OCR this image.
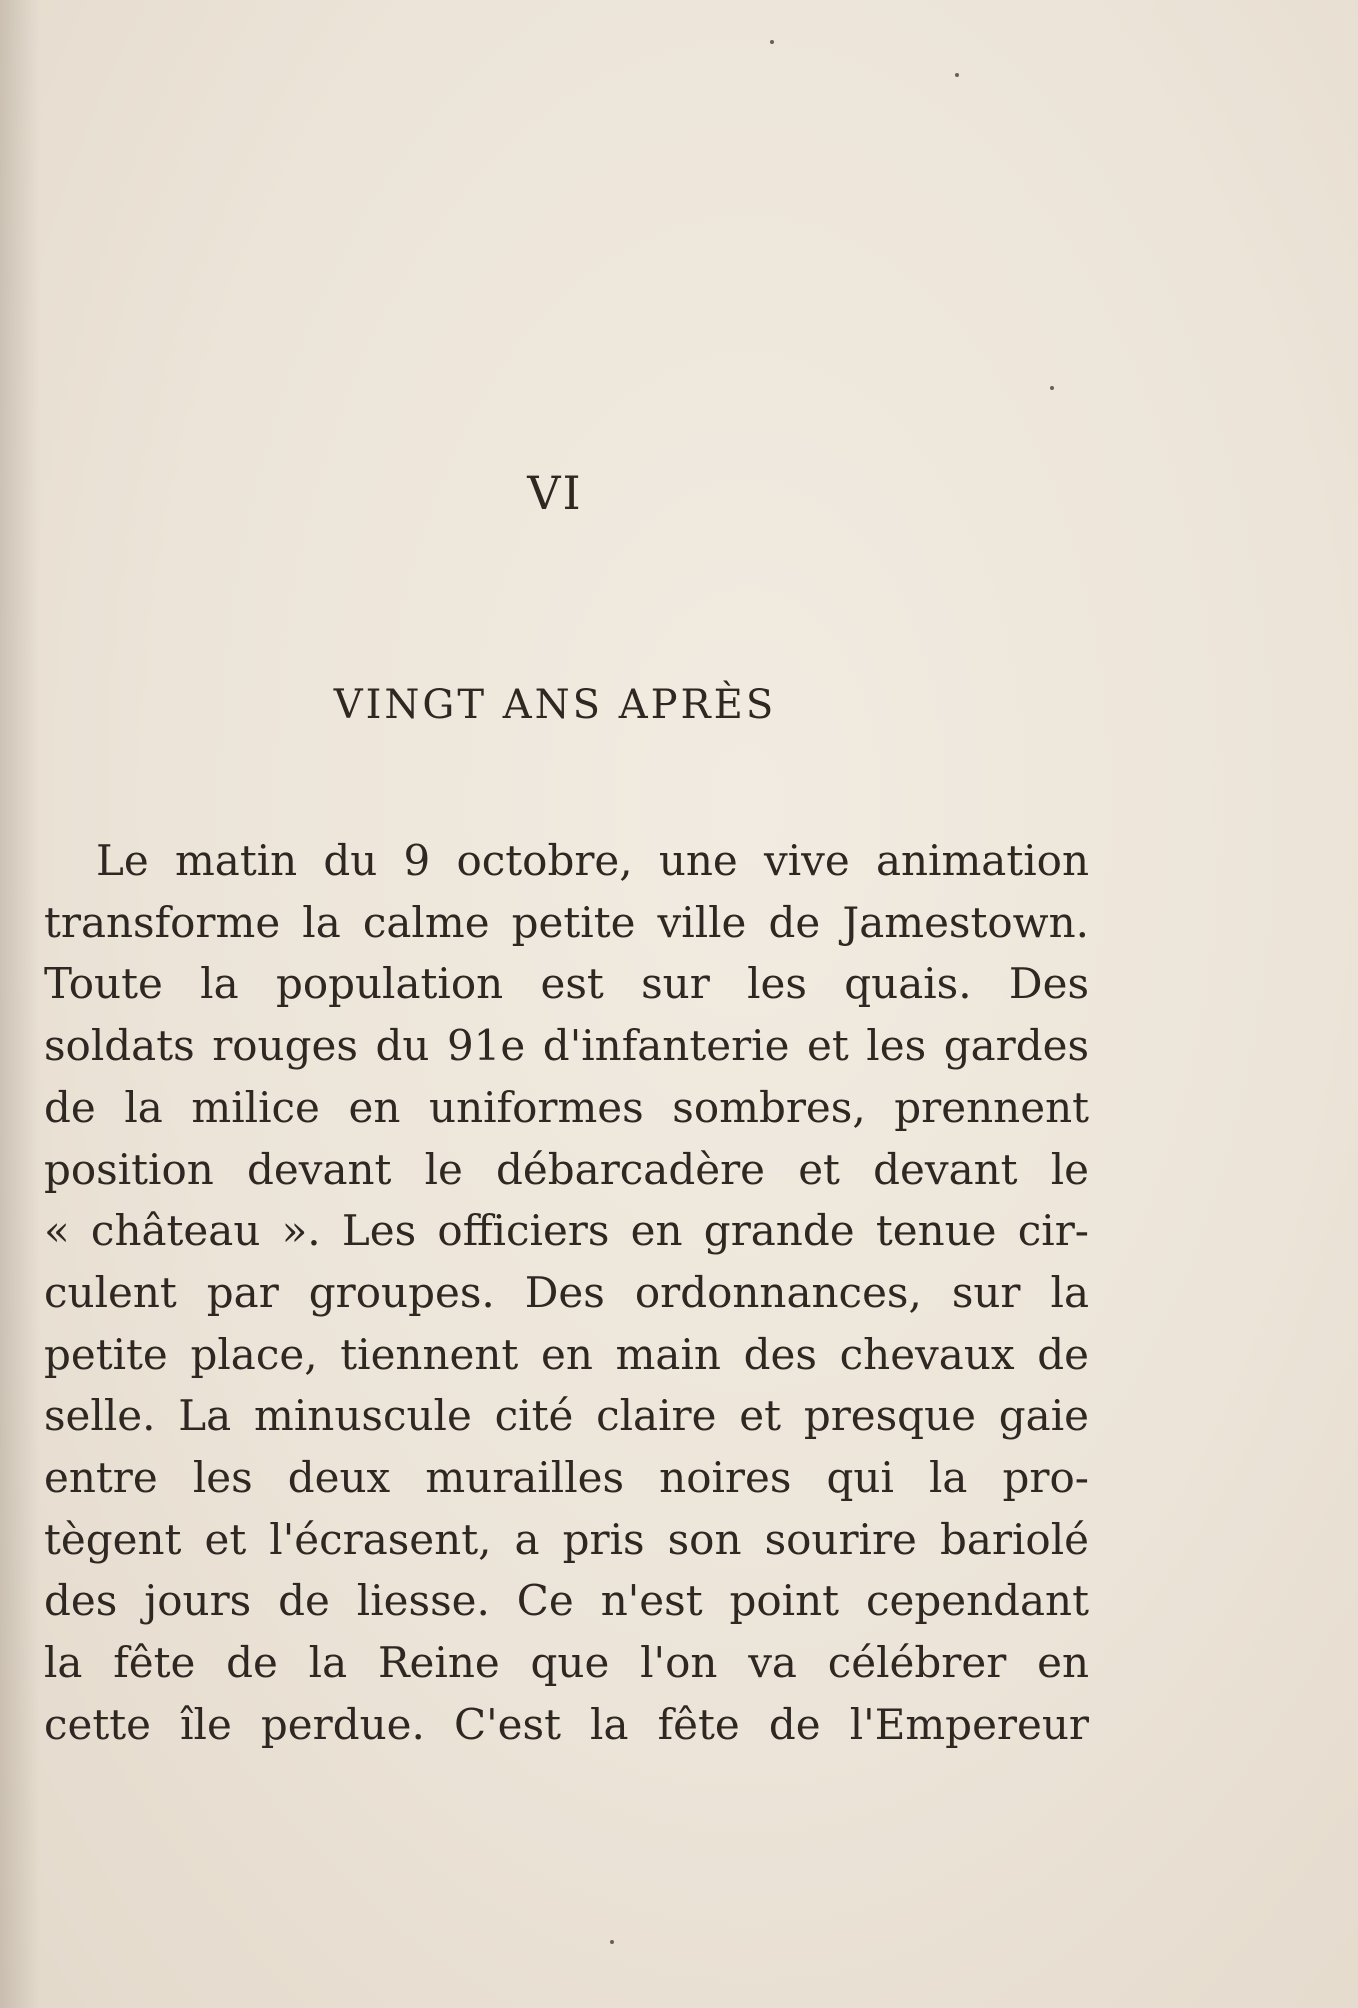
VI
VINGT ANS APRÈS
Le matin du 9 octobre, une vive animation
transforme la calme petite ville de Jamestown.
Toute la population est sur les quais. Des
soldats rouges du 91e d'infanterie et les gardes
de la milice en uniformes sombres, prennent
position devant le débarcadère et devant le
« château ». Les officiers en grande tenue cir-
culent par groupes. Des ordonnances, sur la
petite place, tiennent en main des chevaux de
selle. La minuscule cité claire et presque gaie
entre les deux murailles noires qui la pro-
tègent et l'écrasent, a pris son sourire bariolé
des jours de liesse. Ce n'est point cependant
la fête de la Reine que l'on va célébrer en
cette île perdue. C'est la fête de l'Empereur
